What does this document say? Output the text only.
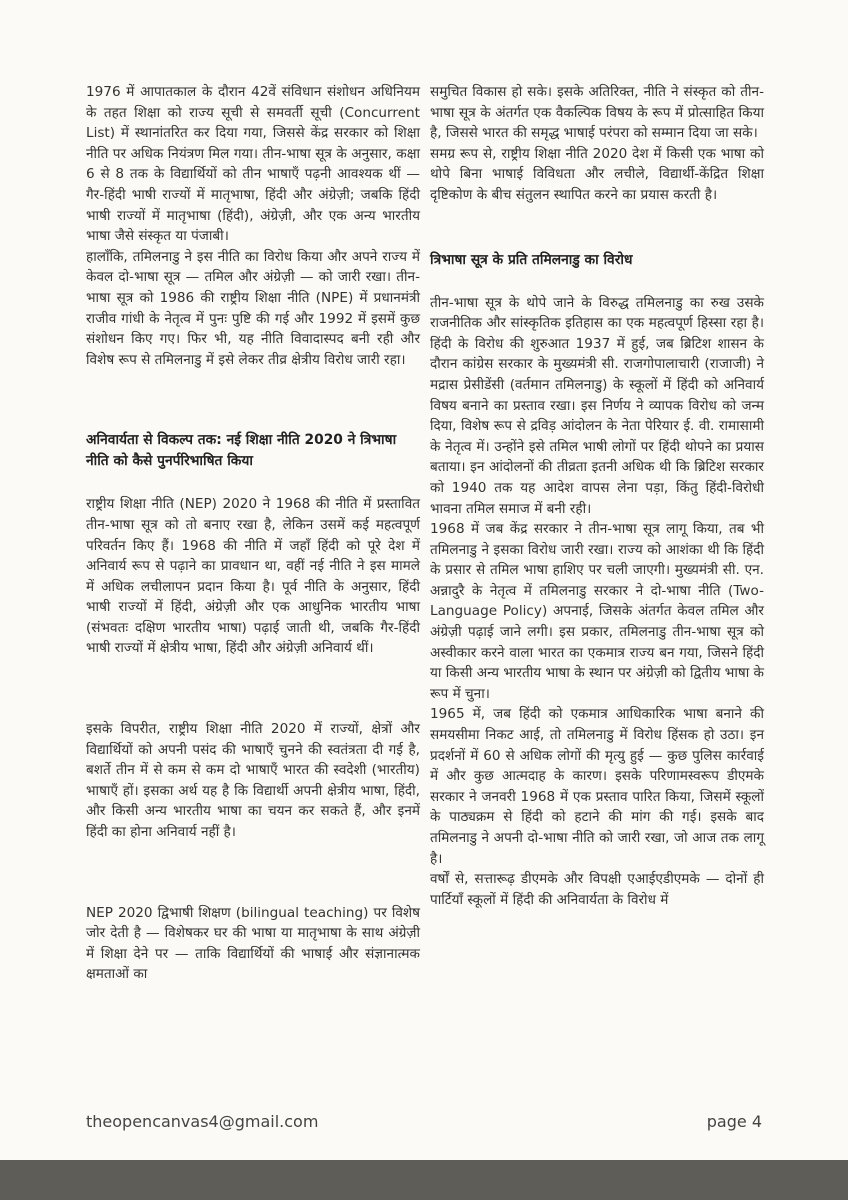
1976 में आपातकाल के दौरान 42वें संविधान संशोधन अधिनियम के तहत शिक्षा को राज्य सूची से समवर्ती सूची (Concurrent List) में स्थानांतरित कर दिया गया, जिससे केंद्र सरकार को शिक्षा नीति पर अधिक नियंत्रण मिल गया। तीन-भाषा सूत्र के अनुसार, कक्षा 6 से 8 तक के विद्यार्थियों को तीन भाषाएँ पढ़नी आवश्यक थीं — गैर-हिंदी भाषी राज्यों में मातृभाषा, हिंदी और अंग्रेज़ी; जबकि हिंदी भाषी राज्यों में मातृभाषा (हिंदी), अंग्रेज़ी, और एक अन्य भारतीय भाषा जैसे संस्कृत या पंजाबी।

हालाँकि, तमिलनाडु ने इस नीति का विरोध किया और अपने राज्य में केवल दो-भाषा सूत्र — तमिल और अंग्रेज़ी — को जारी रखा। तीन-भाषा सूत्र को 1986 की राष्ट्रीय शिक्षा नीति (NPE) में प्रधानमंत्री राजीव गांधी के नेतृत्व में पुनः पुष्टि की गई और 1992 में इसमें कुछ संशोधन किए गए। फिर भी, यह नीति विवादास्पद बनी रही और विशेष रूप से तमिलनाडु में इसे लेकर तीव्र क्षेत्रीय विरोध जारी रहा।

अनिवार्यता से विकल्प तक: नई शिक्षा नीति 2020 ने त्रिभाषा नीति को कैसे पुनर्परिभाषित किया

राष्ट्रीय शिक्षा नीति (NEP) 2020 ने 1968 की नीति में प्रस्तावित तीन-भाषा सूत्र को तो बनाए रखा है, लेकिन उसमें कई महत्वपूर्ण परिवर्तन किए हैं। 1968 की नीति में जहाँ हिंदी को पूरे देश में अनिवार्य रूप से पढ़ाने का प्रावधान था, वहीं नई नीति ने इस मामले में अधिक लचीलापन प्रदान किया है। पूर्व नीति के अनुसार, हिंदी भाषी राज्यों में हिंदी, अंग्रेज़ी और एक आधुनिक भारतीय भाषा (संभवतः दक्षिण भारतीय भाषा) पढ़ाई जाती थी, जबकि गैर-हिंदी भाषी राज्यों में क्षेत्रीय भाषा, हिंदी और अंग्रेज़ी अनिवार्य थीं।

इसके विपरीत, राष्ट्रीय शिक्षा नीति 2020 में राज्यों, क्षेत्रों और विद्यार्थियों को अपनी पसंद की भाषाएँ चुनने की स्वतंत्रता दी गई है, बशर्ते तीन में से कम से कम दो भाषाएँ भारत की स्वदेशी (भारतीय) भाषाएँ हों। इसका अर्थ यह है कि विद्यार्थी अपनी क्षेत्रीय भाषा, हिंदी, और किसी अन्य भारतीय भाषा का चयन कर सकते हैं, और इनमें हिंदी का होना अनिवार्य नहीं है।

NEP 2020 द्विभाषी शिक्षण (bilingual teaching) पर विशेष जोर देती है — विशेषकर घर की भाषा या मातृभाषा के साथ अंग्रेज़ी में शिक्षा देने पर — ताकि विद्यार्थियों की भाषाई और संज्ञानात्मक क्षमताओं का

समुचित विकास हो सके। इसके अतिरिक्त, नीति ने संस्कृत को तीन-भाषा सूत्र के अंतर्गत एक वैकल्पिक विषय के रूप में प्रोत्साहित किया है, जिससे भारत की समृद्ध भाषाई परंपरा को सम्मान दिया जा सके।

समग्र रूप से, राष्ट्रीय शिक्षा नीति 2020 देश में किसी एक भाषा को थोपे बिना भाषाई विविधता और लचीले, विद्यार्थी-केंद्रित शिक्षा दृष्टिकोण के बीच संतुलन स्थापित करने का प्रयास करती है।

त्रिभाषा सूत्र के प्रति तमिलनाडु का विरोध

तीन-भाषा सूत्र के थोपे जाने के विरुद्ध तमिलनाडु का रुख उसके राजनीतिक और सांस्कृतिक इतिहास का एक महत्वपूर्ण हिस्सा रहा है। हिंदी के विरोध की शुरुआत 1937 में हुई, जब ब्रिटिश शासन के दौरान कांग्रेस सरकार के मुख्यमंत्री सी. राजगोपालाचारी (राजाजी) ने मद्रास प्रेसीडेंसी (वर्तमान तमिलनाडु) के स्कूलों में हिंदी को अनिवार्य विषय बनाने का प्रस्ताव रखा। इस निर्णय ने व्यापक विरोध को जन्म दिया, विशेष रूप से द्रविड़ आंदोलन के नेता पेरियार ई. वी. रामासामी के नेतृत्व में। उन्होंने इसे तमिल भाषी लोगों पर हिंदी थोपने का प्रयास बताया। इन आंदोलनों की तीव्रता इतनी अधिक थी कि ब्रिटिश सरकार को 1940 तक यह आदेश वापस लेना पड़ा, किंतु हिंदी-विरोधी भावना तमिल समाज में बनी रही।

1968 में जब केंद्र सरकार ने तीन-भाषा सूत्र लागू किया, तब भी तमिलनाडु ने इसका विरोध जारी रखा। राज्य को आशंका थी कि हिंदी के प्रसार से तमिल भाषा हाशिए पर चली जाएगी। मुख्यमंत्री सी. एन. अन्नादुरै के नेतृत्व में तमिलनाडु सरकार ने दो-भाषा नीति (Two-Language Policy) अपनाई, जिसके अंतर्गत केवल तमिल और अंग्रेज़ी पढ़ाई जाने लगी। इस प्रकार, तमिलनाडु तीन-भाषा सूत्र को अस्वीकार करने वाला भारत का एकमात्र राज्य बन गया, जिसने हिंदी या किसी अन्य भारतीय भाषा के स्थान पर अंग्रेज़ी को द्वितीय भाषा के रूप में चुना।

1965 में, जब हिंदी को एकमात्र आधिकारिक भाषा बनाने की समयसीमा निकट आई, तो तमिलनाडु में विरोध हिंसक हो उठा। इन प्रदर्शनों में 60 से अधिक लोगों की मृत्यु हुई — कुछ पुलिस कार्रवाई में और कुछ आत्मदाह के कारण। इसके परिणामस्वरूप डीएमके सरकार ने जनवरी 1968 में एक प्रस्ताव पारित किया, जिसमें स्कूलों के पाठ्यक्रम से हिंदी को हटाने की मांग की गई। इसके बाद तमिलनाडु ने अपनी दो-भाषा नीति को जारी रखा, जो आज तक लागू है।

वर्षों से, सत्तारूढ़ डीएमके और विपक्षी एआईएडीएमके — दोनों ही पार्टियाँ स्कूलों में हिंदी की अनिवार्यता के विरोध में

theopencanvas4@gmail.com	page 4
